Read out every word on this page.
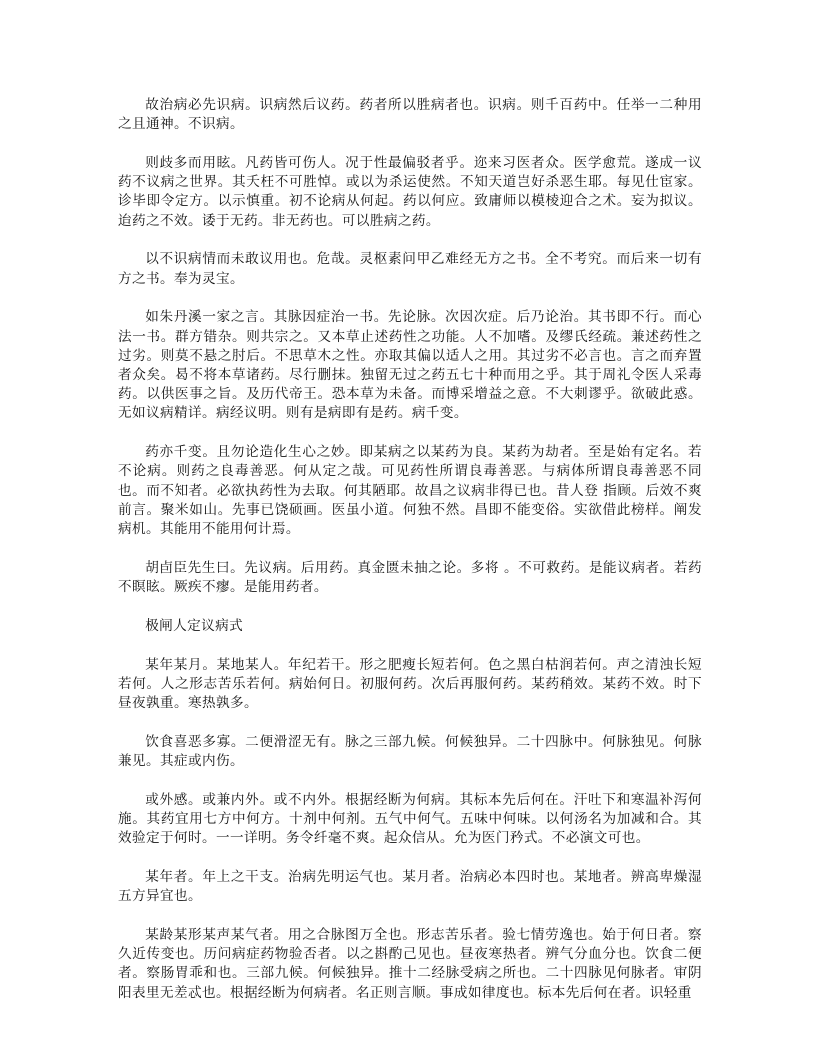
故治病必先识病。识病然后议药。药者所以胜病者也。识病。则千百药中。任举一二种用之且通神。不识病。

则歧多而用眩。凡药皆可伤人。况于性最偏驳者乎。迩来习医者众。医学愈荒。遂成一议药不议病之世界。其夭枉不可胜悼。或以为杀运使然。不知天道岂好杀恶生耶。每见仕宦家。诊毕即令定方。以示慎重。初不论病从何起。药以何应。致庸师以模棱迎合之术。妄为拟议。迨药之不效。诿于无药。非无药也。可以胜病之药。

以不识病情而未敢议用也。危哉。灵枢素问甲乙难经无方之书。全不考究。而后来一切有方之书。奉为灵宝。

如朱丹溪一家之言。其脉因症治一书。先论脉。次因次症。后乃论治。其书即不行。而心法一书。群方错杂。则共宗之。又本草止述药性之功能。人不加嗜。及缪氏经疏。兼述药性之过劣。则莫不悬之肘后。不思草木之性。亦取其偏以适人之用。其过劣不必言也。言之而弃置者众矣。曷不将本草诸药。尽行删抹。独留无过之药五七十种而用之乎。其于周礼令医人采毒药。以供医事之旨。及历代帝王。恐本草为未备。而博采增益之意。不大刺谬乎。欲破此惑。无如议病精详。病经议明。则有是病即有是药。病千变。

药亦千变。且勿论造化生心之妙。即某病之以某药为良。某药为劫者。至是始有定名。若不论病。则药之良毒善恶。何从定之哉。可见药性所谓良毒善恶。与病体所谓良毒善恶不同也。而不知者。必欲执药性为去取。何其陋耶。故昌之议病非得已也。昔人登 指顾。后效不爽前言。聚米如山。先事已饶硕画。医虽小道。何独不然。昌即不能变俗。实欲借此榜样。阐发病机。其能用不能用何计焉。

胡卣臣先生曰。先议病。后用药。真金匮未抽之论。多将 。不可救药。是能议病者。若药不瞑眩。厥疾不瘳。是能用药者。

极闸人定议病式

某年某月。某地某人。年纪若干。形之肥瘦长短若何。色之黑白枯润若何。声之清浊长短若何。人之形志苦乐若何。病始何日。初服何药。次后再服何药。某药稍效。某药不效。时下昼夜孰重。寒热孰多。

饮食喜恶多寡。二便滑涩无有。脉之三部九候。何候独异。二十四脉中。何脉独见。何脉兼见。其症或内伤。

或外感。或兼内外。或不内外。根据经断为何病。其标本先后何在。汗吐下和寒温补泻何施。其药宜用七方中何方。十剂中何剂。五气中何气。五味中何味。以何汤名为加减和合。其效验定于何时。一一详明。务令纤毫不爽。起众信从。允为医门矜式。不必演文可也。

某年者。年上之干支。治病先明运气也。某月者。治病必本四时也。某地者。辨高卑燥湿五方异宜也。

某龄某形某声某气者。用之合脉图万全也。形志苦乐者。验七情劳逸也。始于何日者。察久近传变也。历问病症药物验否者。以之斟酌己见也。昼夜寒热者。辨气分血分也。饮食二便者。察肠胃乖和也。三部九候。何候独异。推十二经脉受病之所也。二十四脉见何脉者。审阴阳表里无差忒也。根据经断为何病者。名正则言顺。事成如律度也。标本先后何在者。识轻重
